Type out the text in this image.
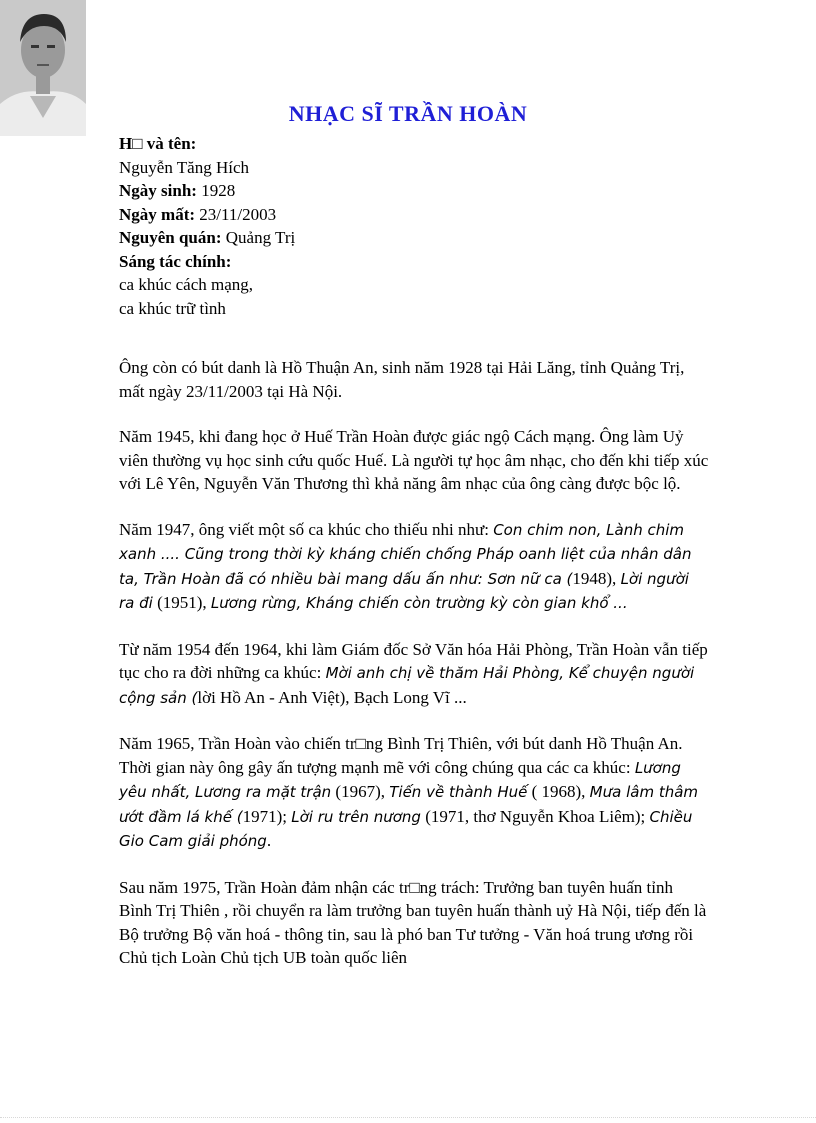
NHẠC SĨ TRẦN HOÀN
H□ và tên:
Nguyễn Tăng Hích
Ngày sinh: 1928
Ngày mất: 23/11/2003
Nguyên quán: Quảng Trị
Sáng tác chính:
ca khúc cách mạng,
ca khúc trữ tình

Ông còn có bút danh là Hồ Thuận An, sinh năm 1928 tại Hải Lăng, tỉnh Quảng Trị, mất ngày 23/11/2003 tại Hà Nội.

Năm 1945, khi đang học ở Huế Trần Hoàn được giác ngộ Cách mạng. Ông làm Uỷ viên thường vụ học sinh cứu quốc Huế. Là người tự học âm nhạc, cho đến khi tiếp xúc với Lê Yên, Nguyễn Văn Thương thì khả năng âm nhạc của ông càng được bộc lộ.

Năm 1947, ông viết một số ca khúc cho thiếu nhi như: Con chim non, Lành chim xanh .... Cũng trong thời kỳ kháng chiến chống Pháp oanh liệt của nhân dân ta, Trần Hoàn đã có nhiều bài mang dấu ấn như: Sơn nữ ca (1948), Lời người ra đi (1951), Lương rừng, Kháng chiến còn trường kỳ còn gian khổ ...

Từ năm 1954 đến 1964, khi làm Giám đốc Sở Văn hóa Hải Phòng, Trần Hoàn vẫn tiếp tục cho ra đời những ca khúc: Mời anh chị về thăm Hải Phòng, Kể chuyện người cộng sản (lời Hồ An - Anh Việt), Bạch Long Vĩ ...

Năm 1965, Trần Hoàn vào chiến tr□ng Bình Trị Thiên, với bút danh Hồ Thuận An. Thời gian này ông gây ấn tượng mạnh mẽ với công chúng qua các ca khúc: Lương yêu nhất, Lương ra mặt trận (1967), Tiến về thành Huế ( 1968), Mưa lâm thâm ướt đầm lá khế (1971); Lời ru trên nương (1971, thơ Nguyễn Khoa Liêm); Chiều Gio Cam giải phóng.

Sau năm 1975, Trần Hoàn đảm nhận các tr□ng trách: Trưởng ban tuyên huấn tỉnh Bình Trị Thiên , rồi chuyển ra làm trưởng ban tuyên huấn thành uỷ Hà Nội, tiếp đến là Bộ trưởng Bộ văn hoá - thông tin, sau là phó ban Tư tưởng - Văn hoá trung ương rồi Chủ tịch Loàn Chủ tịch UB toàn quốc liên
